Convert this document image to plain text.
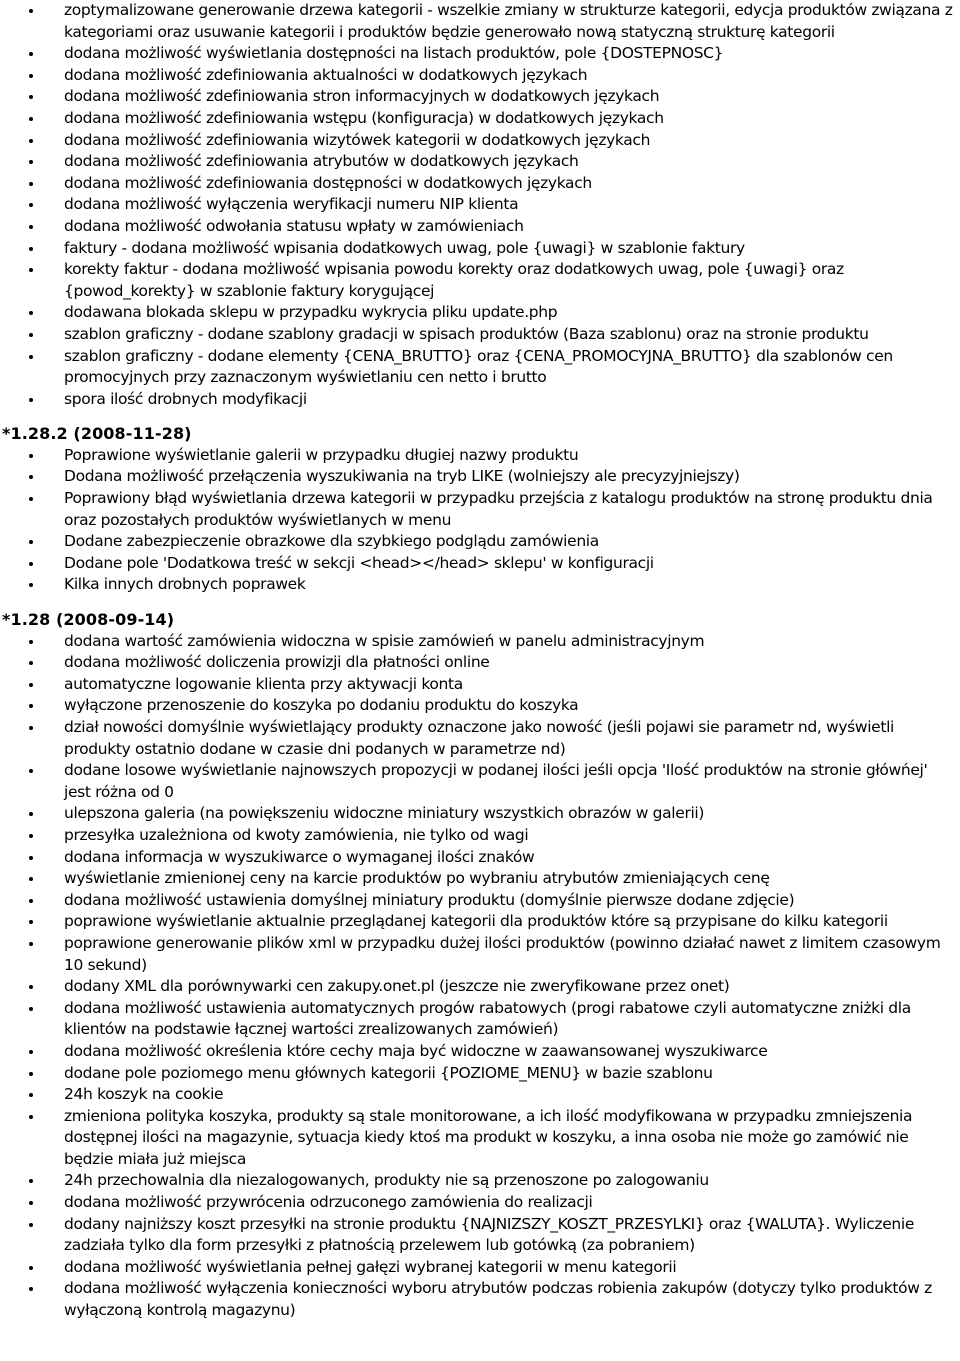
zoptymalizowane generowanie drzewa kategorii - wszelkie zmiany w strukturze kategorii, edycja produktów związana z kategoriami oraz usuwanie kategorii i produktów będzie generowało nową statyczną strukturę kategorii
dodana możliwość wyświetlania dostępności na listach produktów, pole {DOSTEPNOSC}
dodana możliwość zdefiniowania aktualności w dodatkowych językach
dodana możliwość zdefiniowania stron informacyjnych w dodatkowych językach
dodana możliwość zdefiniowania wstępu (konfiguracja) w dodatkowych językach
dodana możliwość zdefiniowania wizytówek kategorii w dodatkowych językach
dodana możliwość zdefiniowania atrybutów w dodatkowych językach
dodana możliwość zdefiniowania dostępności w dodatkowych językach
dodana możliwość wyłączenia weryfikacji numeru NIP klienta
dodana możliwość odwołania statusu wpłaty w zamówieniach
faktury - dodana możliwość wpisania dodatkowych uwag, pole {uwagi} w szablonie faktury
korekty faktur - dodana możliwość wpisania powodu korekty oraz dodatkowych uwag, pole {uwagi} oraz {powod_korekty} w szablonie faktury korygującej
dodawana blokada sklepu w przypadku wykrycia pliku update.php
szablon graficzny - dodane szablony gradacji w spisach produktów (Baza szablonu) oraz na stronie produktu
szablon graficzny - dodane elementy {CENA_BRUTTO} oraz {CENA_PROMOCYJNA_BRUTTO} dla szablonów cen promocyjnych przy zaznaczonym wyświetlaniu cen netto i brutto
spora ilość drobnych modyfikacji
*1.28.2 (2008-11-28)
Poprawione wyświetlanie galerii w przypadku długiej nazwy produktu
Dodana możliwość przełączenia wyszukiwania na tryb LIKE (wolniejszy ale precyzyjniejszy)
Poprawiony błąd wyświetlania drzewa kategorii w przypadku przejścia z katalogu produktów na stronę produktu dnia oraz pozostałych produktów wyświetlanych w menu
Dodane zabezpieczenie obrazkowe dla szybkiego podglądu zamówienia
Dodane pole 'Dodatkowa treść w sekcji <head></head> sklepu' w konfiguracji
Kilka innych drobnych poprawek
*1.28 (2008-09-14)
dodana wartość zamówienia widoczna w spisie zamówień w panelu administracyjnym
dodana możliwość doliczenia prowizji dla płatności online
automatyczne logowanie klienta przy aktywacji konta
wyłączone przenoszenie do koszyka po dodaniu produktu do koszyka
dział nowości domyślnie wyświetlający produkty oznaczone jako nowość (jeśli pojawi sie parametr nd, wyświetli produkty ostatnio dodane w czasie dni podanych w parametrze nd)
dodane losowe wyświetlanie najnowszych propozycji w podanej ilości jeśli opcja 'Ilość produktów na stronie główńej' jest różna od 0
ulepszona galeria (na powiększeniu widoczne miniatury wszystkich obrazów w galerii)
przesyłka uzależniona od kwoty zamówienia, nie tylko od wagi
dodana informacja w wyszukiwarce o wymaganej ilości znaków
wyświetlanie zmienionej ceny na karcie produktów po wybraniu atrybutów zmieniających cenę
dodana możliwość ustawienia domyślnej miniatury produktu (domyślnie pierwsze dodane zdjęcie)
poprawione wyświetlanie aktualnie przeglądanej kategorii dla produktów które są przypisane do kilku kategorii
poprawione generowanie plików xml w przypadku dużej ilości produktów (powinno działać nawet z limitem czasowym 10 sekund)
dodany XML dla porównywarki cen zakupy.onet.pl (jeszcze nie zweryfikowane przez onet)
dodana możliwość ustawienia automatycznych progów rabatowych (progi rabatowe czyli automatyczne zniżki dla klientów na podstawie łącznej wartości zrealizowanych zamówień)
dodana możliwość określenia które cechy maja być widoczne w zaawansowanej wyszukiwarce
dodane pole poziomego menu głównych kategorii {POZIOME_MENU} w bazie szablonu
24h koszyk na cookie
zmieniona polityka koszyka, produkty są stale monitorowane, a ich ilość modyfikowana w przypadku zmniejszenia dostępnej ilości na magazynie, sytuacja kiedy ktoś ma produkt w koszyku, a inna osoba nie może go zamówić nie będzie miała już miejsca
24h przechowalnia dla niezalogowanych, produkty nie są przenoszone po zalogowaniu
dodana możliwość przywrócenia odrzuconego zamówienia do realizacji
dodany najniższy koszt przesyłki na stronie produktu {NAJNIZSZY_KOSZT_PRZESYLKI} oraz {WALUTA}. Wyliczenie zadziała tylko dla form przesyłki z płatnością przelewem lub gotówką (za pobraniem)
dodana możliwość wyświetlania pełnej gałęzi wybranej kategorii w menu kategorii
dodana możliwość wyłączenia konieczności wyboru atrybutów podczas robienia zakupów (dotyczy tylko produktów z wyłączoną kontrolą magazynu)
